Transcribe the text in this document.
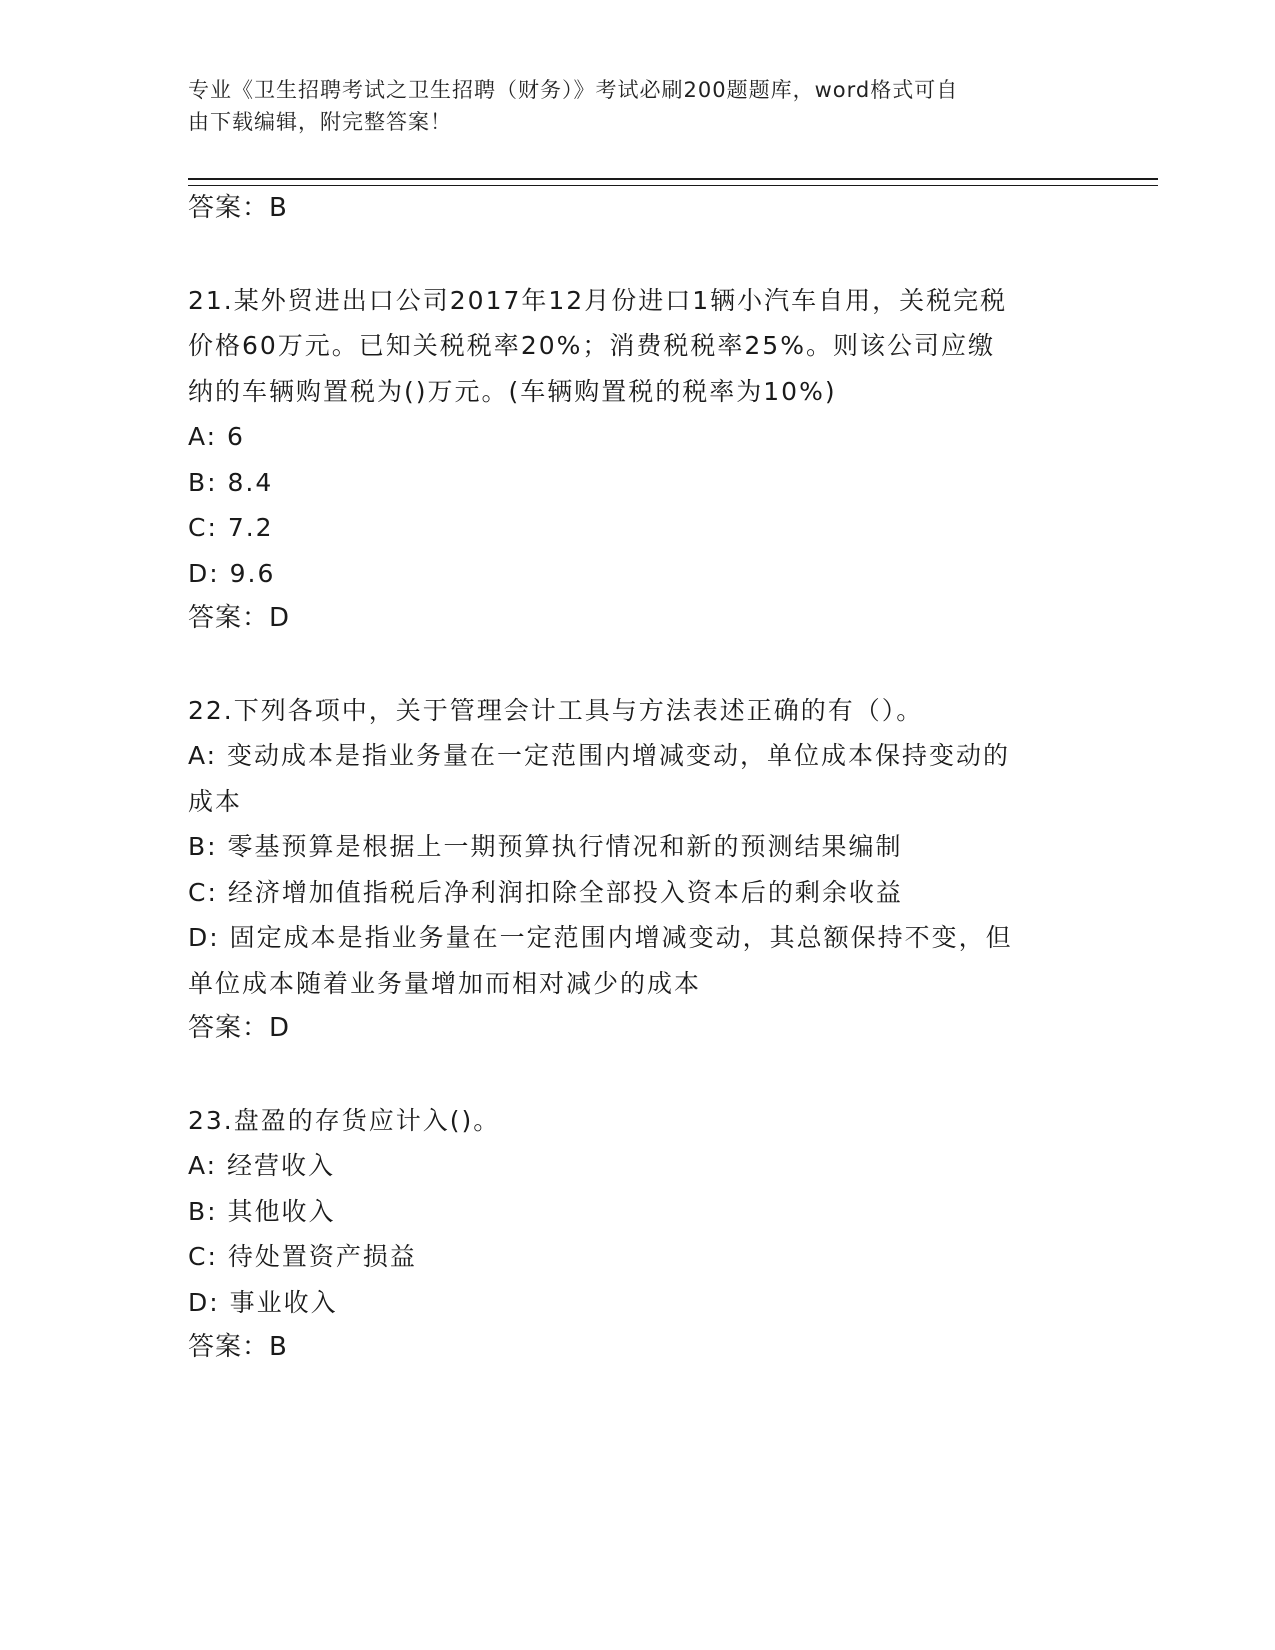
专业《卫生招聘考试之卫生招聘（财务）》考试必刷200题题库，word格式可自
由下载编辑，附完整答案！
答案：B
21.某外贸进出口公司2017年12月份进口1辆小汽车自用，关税完税
价格60万元。已知关税税率20%；消费税税率25%。则该公司应缴
纳的车辆购置税为()万元。(车辆购置税的税率为10%)
A: 6
B: 8.4
C: 7.2
D: 9.6
答案：D
22.下列各项中，关于管理会计工具与方法表述正确的有（）。
A: 变动成本是指业务量在一定范围内增减变动，单位成本保持变动的
成本
B: 零基预算是根据上一期预算执行情况和新的预测结果编制
C: 经济增加值指税后净利润扣除全部投入资本后的剩余收益
D: 固定成本是指业务量在一定范围内增减变动，其总额保持不变，但
单位成本随着业务量增加而相对减少的成本
答案：D
23.盘盈的存货应计入()。
A: 经营收入
B: 其他收入
C: 待处置资产损益
D: 事业收入
答案：B
